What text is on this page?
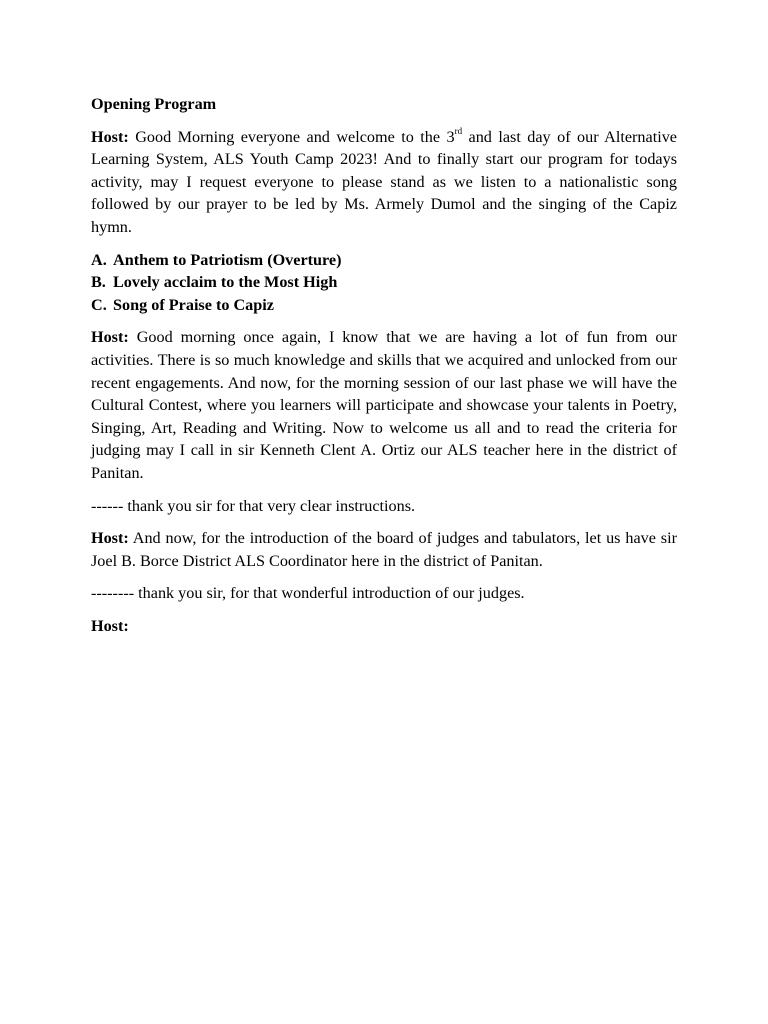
Opening Program

Host: Good Morning everyone and welcome to the 3rd and last day of our Alternative Learning System, ALS Youth Camp 2023! And to finally start our program for todays activity, may I request everyone to please stand as we listen to a nationalistic song followed by our prayer to be led by Ms. Armely Dumol and the singing of the Capiz hymn.

A. Anthem to Patriotism (Overture)
B. Lovely acclaim to the Most High
C. Song of Praise to Capiz

Host: Good morning once again, I know that we are having a lot of fun from our activities. There is so much knowledge and skills that we acquired and unlocked from our recent engagements. And now, for the morning session of our last phase we will have the Cultural Contest, where you learners will participate and showcase your talents in Poetry, Singing, Art, Reading and Writing. Now to welcome us all and to read the criteria for judging may I call in sir Kenneth Clent A. Ortiz our ALS teacher here in the district of Panitan.

------ thank you sir for that very clear instructions.

Host: And now, for the introduction of the board of judges and tabulators, let us have sir Joel B. Borce District ALS Coordinator here in the district of Panitan.

-------- thank you sir, for that wonderful introduction of our judges.

Host:
